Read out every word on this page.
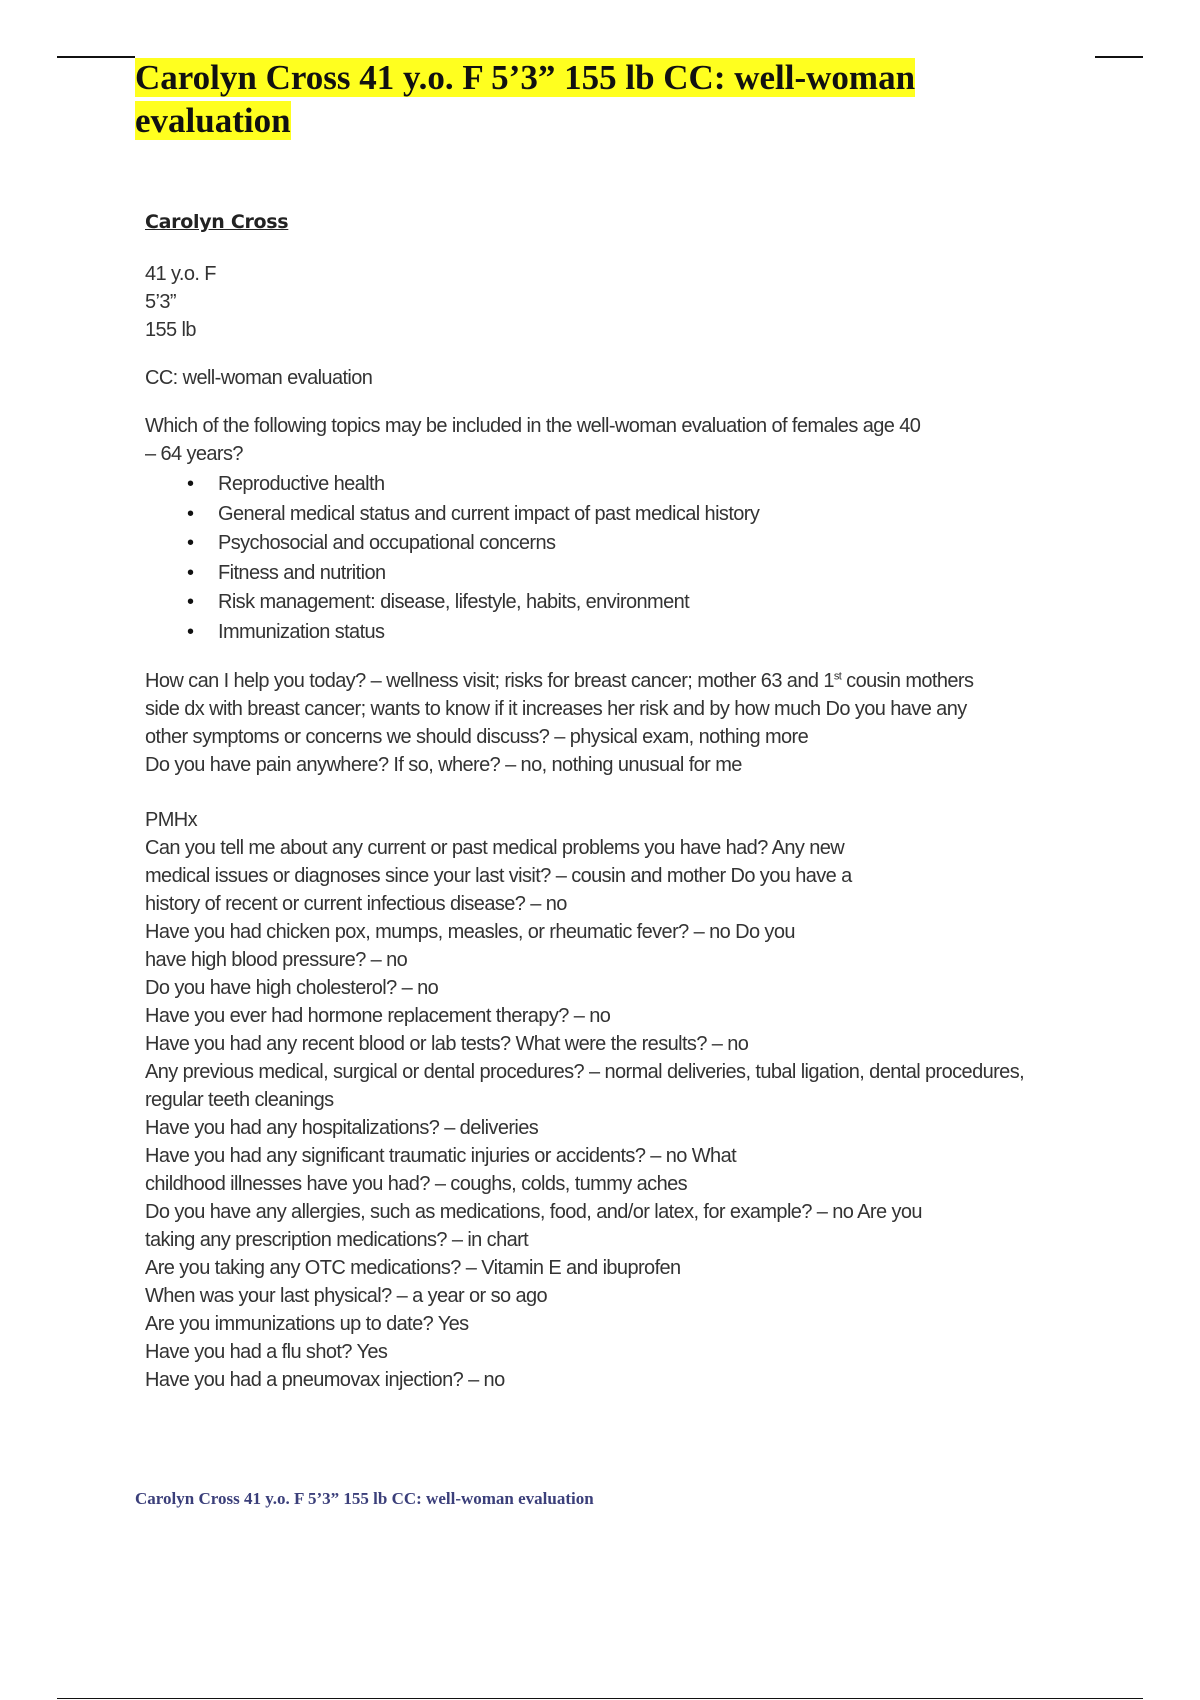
Carolyn Cross 41 y.o. F 5’3” 155 lb CC: well-woman evaluation

Carolyn Cross

41 y.o. F

5’3”

155 lb

CC: well-woman evaluation

Which of the following topics may be included in the well-woman evaluation of females age 40

– 64 years?

• Reproductive health
• General medical status and current impact of past medical history
• Psychosocial and occupational concerns
• Fitness and nutrition
• Risk management: disease, lifestyle, habits, environment
• Immunization status

How can I help you today? – wellness visit; risks for breast cancer; mother 63 and 1st cousin mothers

side dx with breast cancer; wants to know if it increases her risk and by how much Do you have any

other symptoms or concerns we should discuss? – physical exam, nothing more

Do you have pain anywhere? If so, where? – no, nothing unusual for me

PMHx

Can you tell me about any current or past medical problems you have had? Any new

medical issues or diagnoses since your last visit? – cousin and mother Do you have a

history of recent or current infectious disease? – no

Have you had chicken pox, mumps, measles, or rheumatic fever? – no Do you

have high blood pressure? – no

Do you have high cholesterol? – no

Have you ever had hormone replacement therapy? – no

Have you had any recent blood or lab tests? What were the results? – no

Any previous medical, surgical or dental procedures? – normal deliveries, tubal ligation, dental procedures,

regular teeth cleanings

Have you had any hospitalizations? – deliveries

Have you had any significant traumatic injuries or accidents? – no What

childhood illnesses have you had? – coughs, colds, tummy aches

Do you have any allergies, such as medications, food, and/or latex, for example? – no Are you

taking any prescription medications? – in chart

Are you taking any OTC medications? – Vitamin E and ibuprofen

When was your last physical? – a year or so ago

Are you immunizations up to date? Yes

Have you had a flu shot? Yes

Have you had a pneumovax injection? – no

Carolyn Cross 41 y.o. F 5’3” 155 lb CC: well-woman evaluation
